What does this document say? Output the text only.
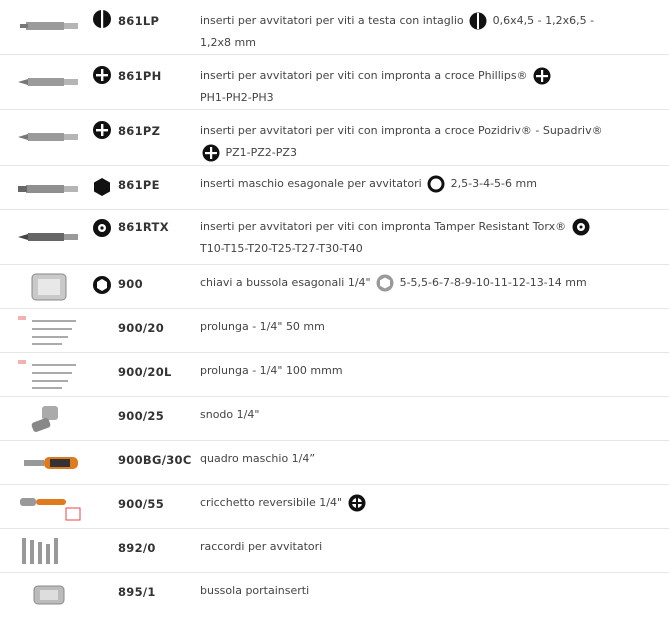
861LP	inserti per avvitatori per viti a testa con intaglio	0,6x4,5 - 1,2x6,5 -
1,2x8 mm
861PH	inserti per avvitatori per viti con impronta a croce Phillips®
PH1-PH2-PH3
861PZ	inserti per avvitatori per viti con impronta a croce Pozidriv® - Supadriv®
PZ1-PZ2-PZ3
861PE	inserti maschio esagonale per avvitatori	2,5-3-4-5-6 mm
861RTX	inserti per avvitatori per viti con impronta Tamper Resistant Torx®
T10-T15-T20-T25-T27-T30-T40
900	chiavi a bussola esagonali 1/4"	5-5,5-6-7-8-9-10-11-12-13-14 mm
900/20	prolunga - 1/4" 50 mm
900/20L	prolunga - 1/4" 100 mmm
900/25	snodo 1/4"
900BG/30C quadro maschio 1/4”
900/55	cricchetto reversibile 1/4"
892/0	raccordi per avvitatori
895/1	bussola portainserti
